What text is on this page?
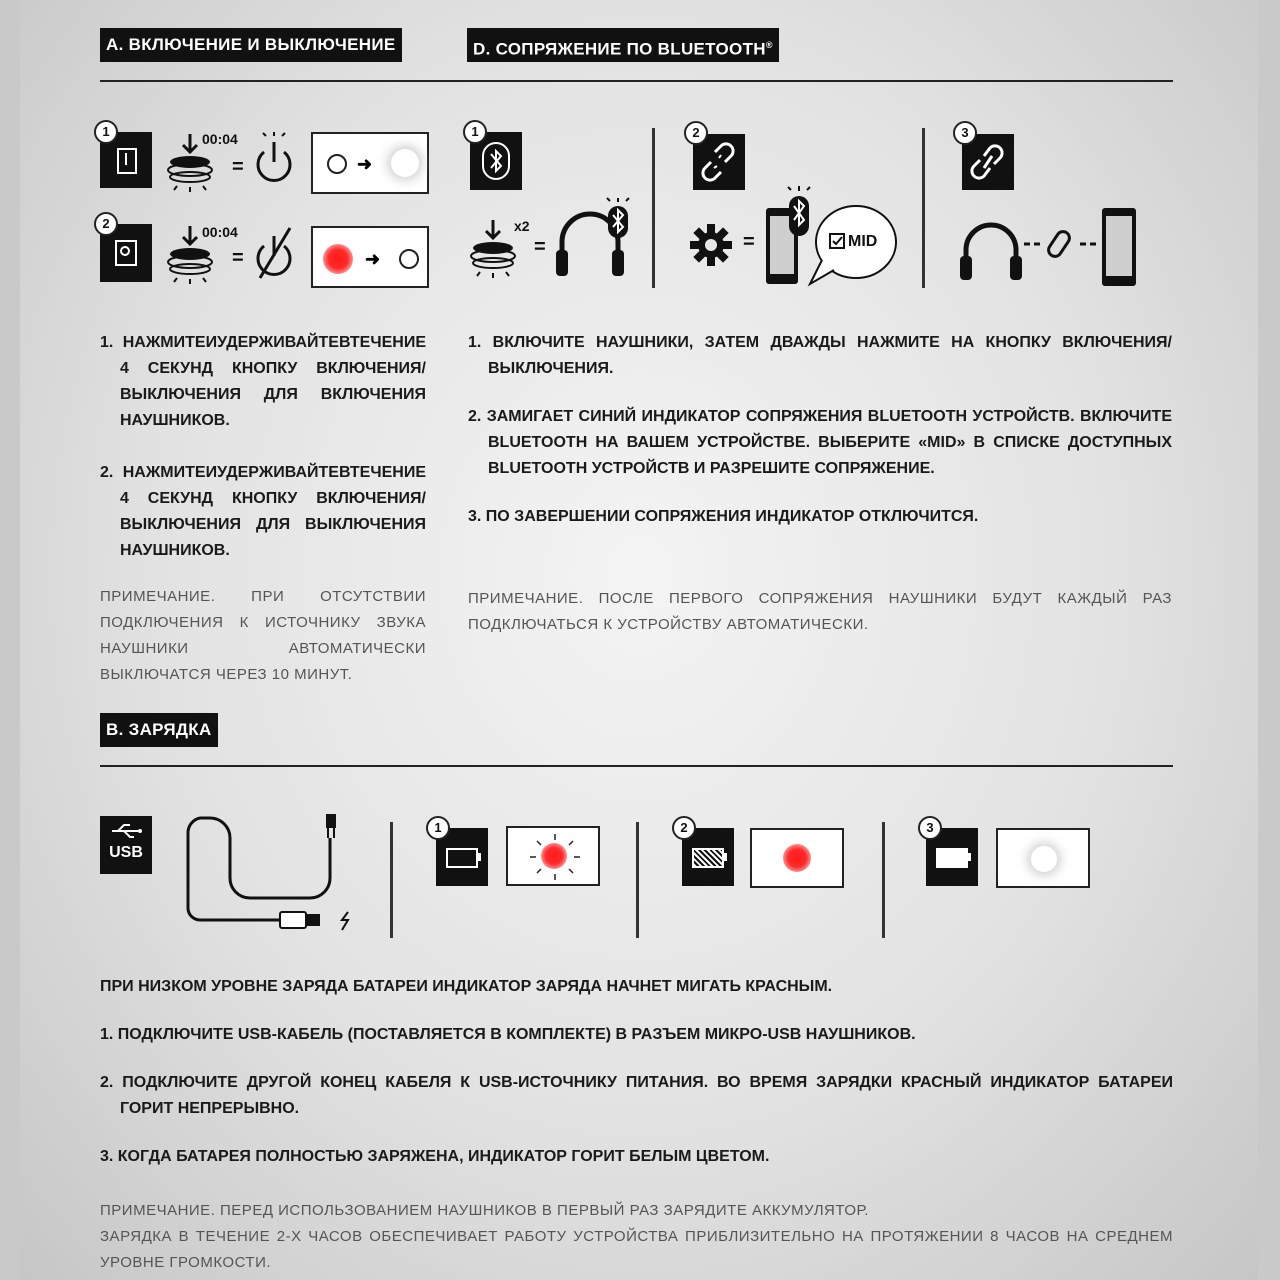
A. ВКЛЮЧЕНИЕ И ВЫКЛЮЧЕНИЕ	D. СОПРЯЖЕНИЕ ПО BLUETOOTH®
1	00:04
=	➜
2
00:04
=	➜
1
x2
=
2
=	MID
3

1. НАЖМИТЕИУДЕРЖИВАЙТЕВТЕЧЕНИЕ 4 СЕКУНД КНОПКУ ВКЛЮЧЕНИЯ/ ВЫКЛЮЧЕНИЯ ДЛЯ ВКЛЮЧЕНИЯ НАУШНИКОВ.

2. НАЖМИТЕИУДЕРЖИВАЙТЕВТЕЧЕНИЕ 4 СЕКУНД КНОПКУ ВКЛЮЧЕНИЯ/ ВЫКЛЮЧЕНИЯ ДЛЯ ВЫКЛЮЧЕНИЯ НАУШНИКОВ.

ПРИМЕЧАНИЕ. ПРИ ОТСУТСТВИИ ПОДКЛЮЧЕНИЯ К ИСТОЧНИКУ ЗВУКА НАУШНИКИ АВТОМАТИЧЕСКИ ВЫКЛЮЧАТСЯ ЧЕРЕЗ 10 МИНУТ.

1. ВКЛЮЧИТЕ НАУШНИКИ, ЗАТЕМ ДВАЖДЫ НАЖМИТЕ НА КНОПКУ ВКЛЮЧЕНИЯ/ ВЫКЛЮЧЕНИЯ.

2. ЗАМИГАЕТ СИНИЙ ИНДИКАТОР СОПРЯЖЕНИЯ BLUETOOTH УСТРОЙСТВ. ВКЛЮЧИТЕ BLUETOOTH НА ВАШЕМ УСТРОЙСТВЕ. ВЫБЕРИТЕ «MID» В СПИСКЕ ДОСТУПНЫХ BLUETOOTH УСТРОЙСТВ И РАЗРЕШИТЕ СОПРЯЖЕНИЕ.

3. ПО ЗАВЕРШЕНИИ СОПРЯЖЕНИЯ ИНДИКАТОР ОТКЛЮЧИТСЯ.

ПРИМЕЧАНИЕ. ПОСЛЕ ПЕРВОГО СОПРЯЖЕНИЯ НАУШНИКИ БУДУТ КАЖДЫЙ РАЗ ПОДКЛЮЧАТЬСЯ К УСТРОЙСТВУ АВТОМАТИЧЕСКИ.
B. ЗАРЯДКА
USB
1	2	3

ПРИ НИЗКОМ УРОВНЕ ЗАРЯДА БАТАРЕИ ИНДИКАТОР ЗАРЯДА НАЧНЕТ МИГАТЬ КРАСНЫМ.

1. ПОДКЛЮЧИТЕ USB-КАБЕЛЬ (ПОСТАВЛЯЕТСЯ В КОМПЛЕКТЕ) В РАЗЪЕМ МИКРО-USB НАУШНИКОВ.

2. ПОДКЛЮЧИТЕ ДРУГОЙ КОНЕЦ КАБЕЛЯ К USB-ИСТОЧНИКУ ПИТАНИЯ. ВО ВРЕМЯ ЗАРЯДКИ КРАСНЫЙ ИНДИКАТОР БАТАРЕИ ГОРИТ НЕПРЕРЫВНО.

3. КОГДА БАТАРЕЯ ПОЛНОСТЬЮ ЗАРЯЖЕНА, ИНДИКАТОР ГОРИТ БЕЛЫМ ЦВЕТОМ.

ПРИМЕЧАНИЕ. ПЕРЕД ИСПОЛЬЗОВАНИЕМ НАУШНИКОВ В ПЕРВЫЙ РАЗ ЗАРЯДИТЕ АККУМУЛЯТОР.
ЗАРЯДКА В ТЕЧЕНИЕ 2-Х ЧАСОВ ОБЕСПЕЧИВАЕТ РАБОТУ УСТРОЙСТВА ПРИБЛИЗИТЕЛЬНО НА ПРОТЯЖЕНИИ 8 ЧАСОВ НА СРЕДНЕМ УРОВНЕ ГРОМКОСТИ.
